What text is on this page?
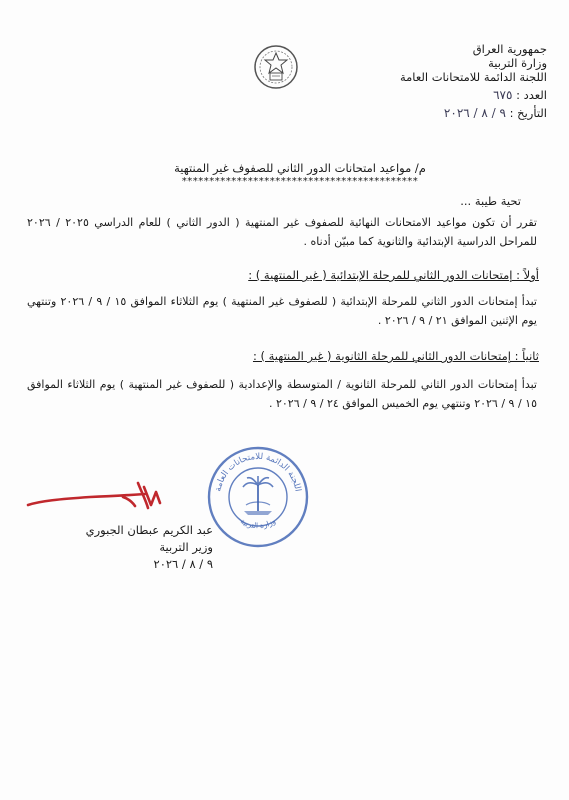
جمهورية العراق
وزارة التربية
اللجنة الدائمة للامتحانات العامة
العدد : ٦٧٥
التأريخ : ٩ / ٨ / ٢٠٢٦
م/ مواعيد امتحانات الدور الثاني للصفوف غير المنتهية
*******************************************
تحية طيبة ...
تقرر أن تكون مواعيد الامتحانات النهائية للصفوف غير المنتهية ( الدور الثاني ) للعام الدراسي ٢٠٢٥ / ٢٠٢٦ للمراحل الدراسية الإبتدائية والثانوية كما مبيّن أدناه .
أولاً : إمتحانات الدور الثاني للمرحلة الإبتدائية ( غير المنتهية ) :
تبدأ إمتحانات الدور الثاني للمرحلة الإبتدائية ( للصفوف غير المنتهية ) يوم الثلاثاء الموافق ١٥ / ٩ / ٢٠٢٦ وتنتهي يوم الإثنين الموافق ٢١ / ٩ / ٢٠٢٦ .
ثانياً : إمتحانات الدور الثاني للمرحلة الثانوية ( غير المنتهية ) :
تبدأ إمتحانات الدور الثاني للمرحلة الثانوية / المتوسطة والإعدادية ( للصفوف غير المنتهية ) يوم الثلاثاء الموافق ١٥ / ٩ / ٢٠٢٦ وتنتهي يوم الخميس الموافق ٢٤ / ٩ / ٢٠٢٦ .
اللجنة الدائمة للامتحانات العامة
وزارة التربية
عبد الكريم عبطان الجبوري
وزير التربية
٩ / ٨ / ٢٠٢٦
